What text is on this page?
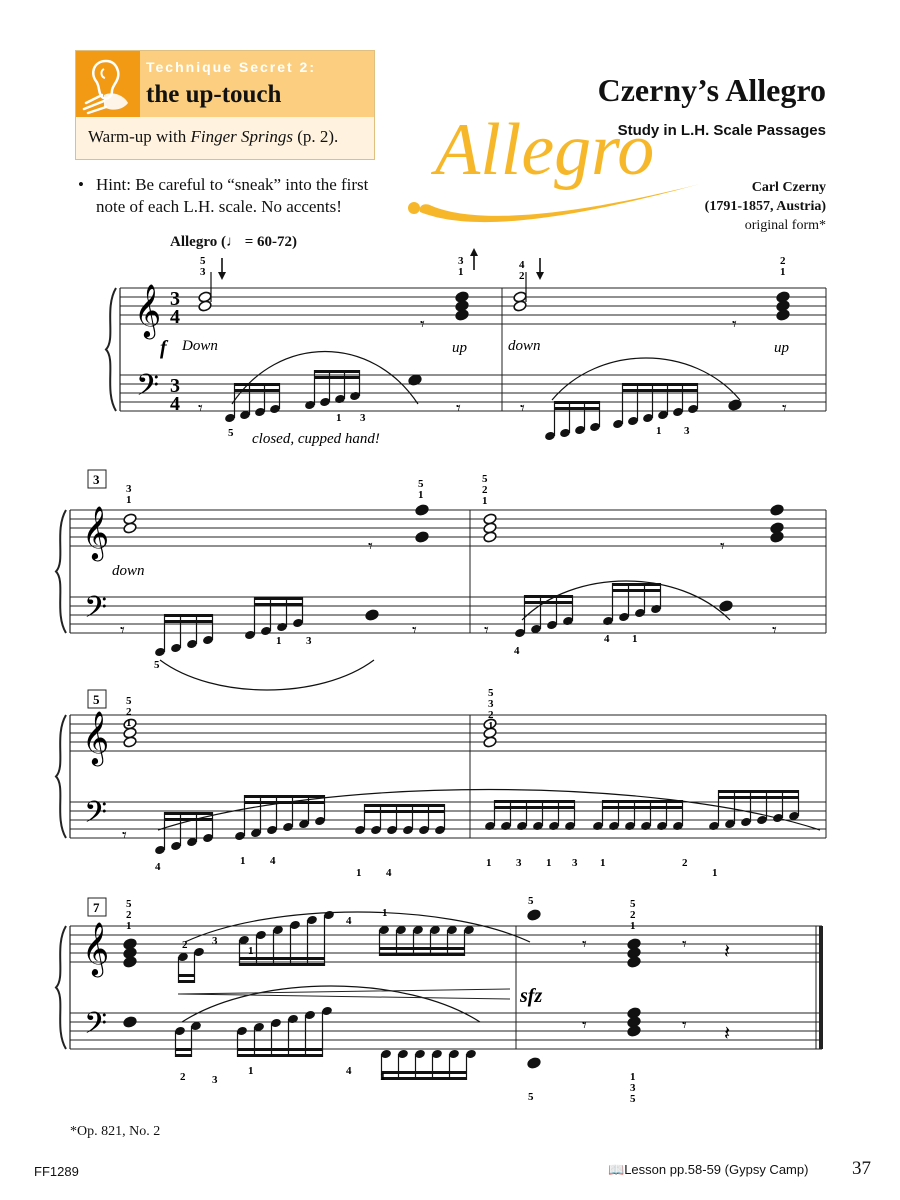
Technique Secret 2:
the up-touch
Warm-up with Finger Springs (p. 2).
• Hint: Be careful to “sneak” into the first note of each L.H. scale. No accents!
Allegro
Czerny’s Allegro
Study in L.H. Scale Passages
Carl Czerny
(1791-1857, Austria)
original form*
Allegro (♩ = 60-72)
𝄞
𝄢
3
3
4
4
𝄞
𝄢
𝄞
𝄢
𝄞
𝄢
𝄾	𝄾
𝄾	𝄾	𝄾	𝄾
𝄾	𝄾
𝄾	𝄾	𝄾	𝄾
𝄾
𝄾	𝄾 𝄽
𝄾	𝄾 𝄽
3
5
7
f Down	up	down	up
closed, cupped hand!
5
3
3
1
4
2
2
1
1 3
1 3
5
down
3
1
5
1
5
2
1
1 3	4 1
4
5
5
2
1
5
3
2
1
4	1 4
1 4
1 3 1 3 1	2
1
sfz
5
2
1
2 3
1
4
1
5	5
2
1
2 3
1	4	1
5
1
3
5
*Op. 821, No. 2
FF1289	📖Lesson pp.58-59 (Gypsy Camp) 37
